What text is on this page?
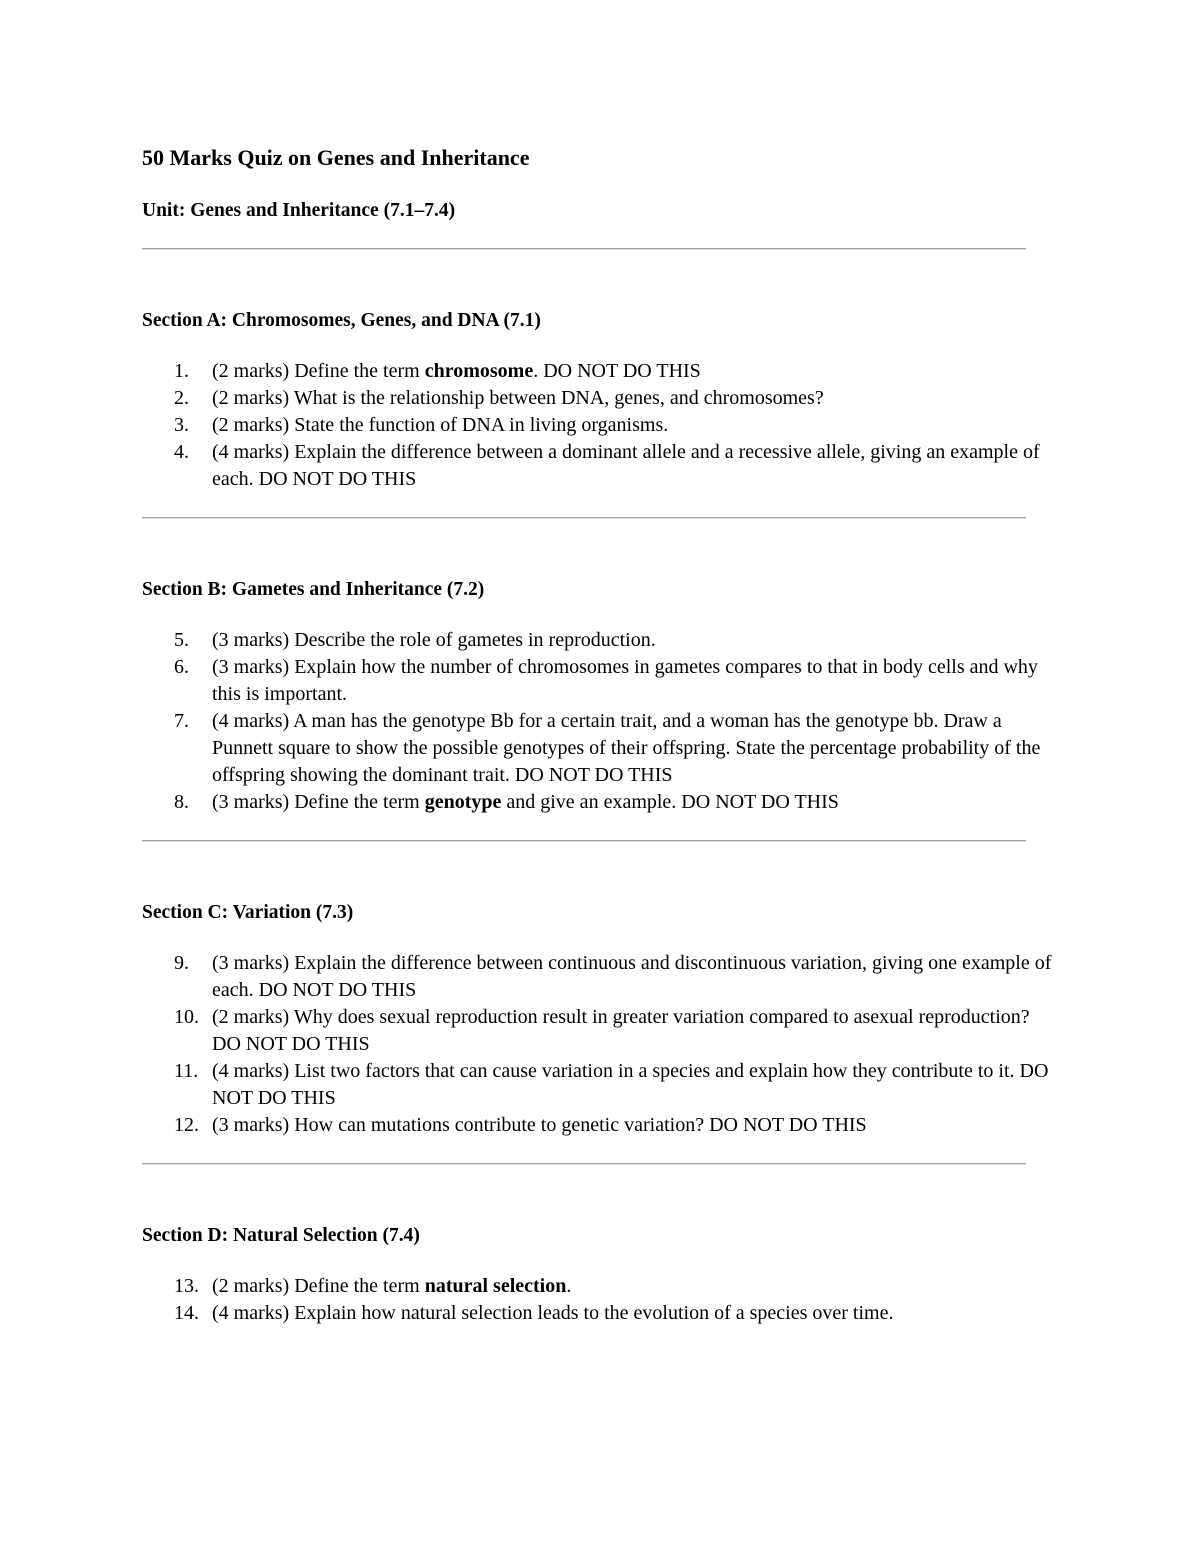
50 Marks Quiz on Genes and Inheritance

Unit: Genes and Inheritance (7.1–7.4)

Section A: Chromosomes, Genes, and DNA (7.1)
1. (2 marks) Define the term chromosome. DO NOT DO THIS
2. (2 marks) What is the relationship between DNA, genes, and chromosomes?
3. (2 marks) State the function of DNA in living organisms.
4. (4 marks) Explain the difference between a dominant allele and a recessive allele, giving an example of each. DO NOT DO THIS
Section B: Gametes and Inheritance (7.2)
5. (3 marks) Describe the role of gametes in reproduction.
6. (3 marks) Explain how the number of chromosomes in gametes compares to that in body cells and why this is important.
7. (4 marks) A man has the genotype Bb for a certain trait, and a woman has the genotype bb. Draw a Punnett square to show the possible genotypes of their offspring. State the percentage probability of the offspring showing the dominant trait. DO NOT DO THIS
8. (3 marks) Define the term genotype and give an example. DO NOT DO THIS
Section C: Variation (7.3)
9. (3 marks) Explain the difference between continuous and discontinuous variation, giving one example of each. DO NOT DO THIS
10. (2 marks) Why does sexual reproduction result in greater variation compared to asexual reproduction? DO NOT DO THIS
11. (4 marks) List two factors that can cause variation in a species and explain how they contribute to it. DO NOT DO THIS
12. (3 marks) How can mutations contribute to genetic variation? DO NOT DO THIS
Section D: Natural Selection (7.4)
13. (2 marks) Define the term natural selection.
14. (4 marks) Explain how natural selection leads to the evolution of a species over time.
